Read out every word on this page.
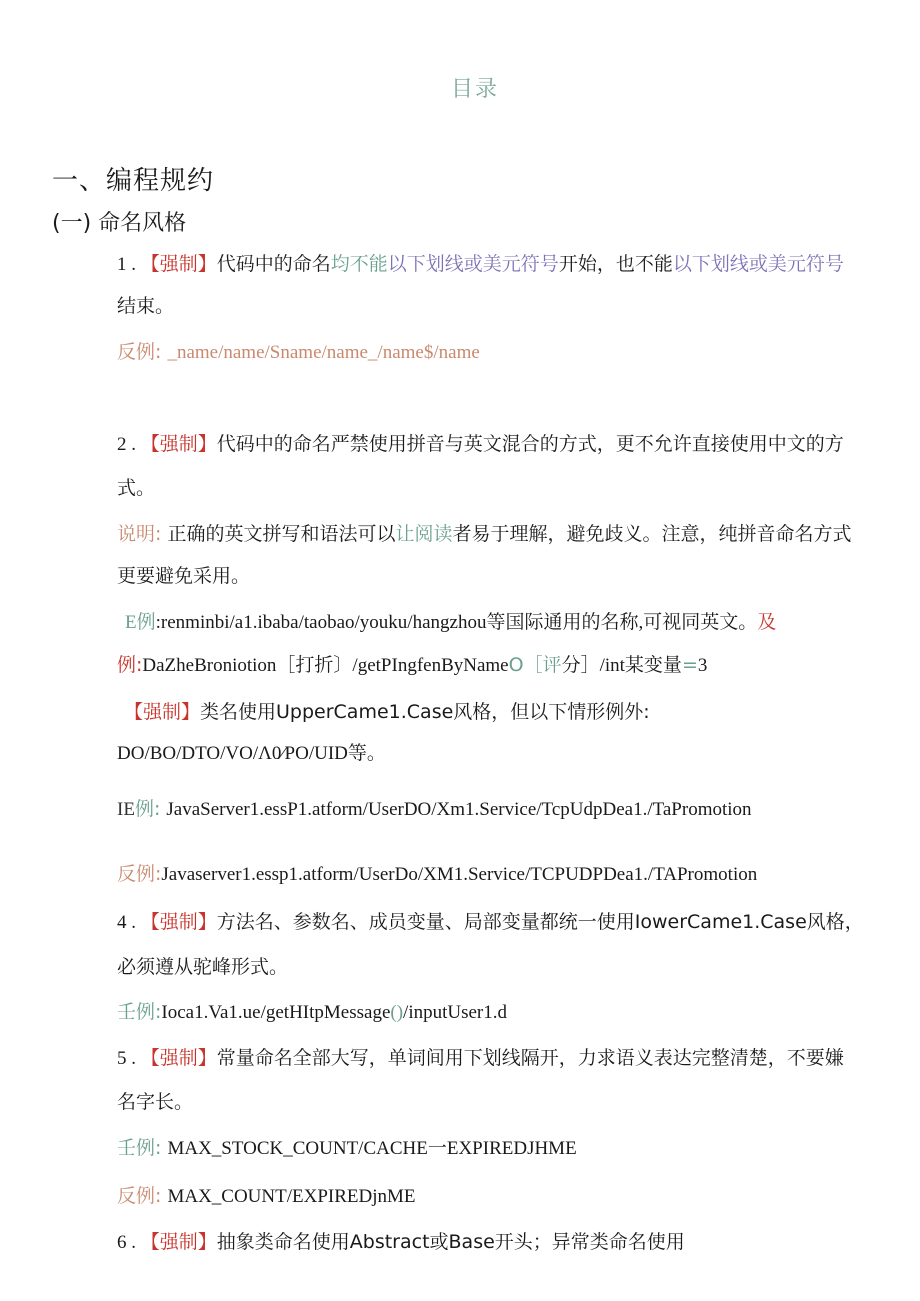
目录
一、编程规约
(一) 命名风格
1 . 【强制】代码中的命名均不能以下划线或美元符号开始，也不能以下划线或美元符号
结束。
反例: _name/name/Sname/name_/name$/name
2 . 【强制】代码中的命名严禁使用拼音与英文混合的方式，更不允许直接使用中文的方
式。
说明: 正确的英文拼写和语法可以让阅读者易于理解，避免歧义。注意，纯拼音命名方式
更要避免采用。
E例:renminbi/a1.ibaba/taobao/youku/hangzhou等国际通用的名称,可视同英文。及
例:DaZheBroniotion［打折〕/getPIngfenByNameO［评分］/int某变量=3
【强制】类名使用UpperCame1.Case风格，但以下情形例外:
DO/BO/DTO/VO/Λ0⁄PO/UID等。
IE例: JavaServer1.essP1.atform/UserDO/Xm1.Service/TcpUdpDea1./TaPromotion
反例:Javaserver1.essp1.atform/UserDo/XM1.Service/TCPUDPDea1./TAPromotion
4 . 【强制】方法名、参数名、成员变量、局部变量都统一使用IowerCame1.Case风格，
必须遵从驼峰形式。
壬例:Ioca1.Va1.ue/getHItpMessage()/inputUser1.d
5 . 【强制】常量命名全部大写，单词间用下划线隔开，力求语义表达完整清楚，不要嫌
名字长。
壬例: MAX_STOCK_COUNT/CACHE一EXPIREDJHME
反例: MAX_COUNT/EXPIREDjnME
6 . 【强制】抽象类命名使用Abstract或Base开头；异常类命名使用
